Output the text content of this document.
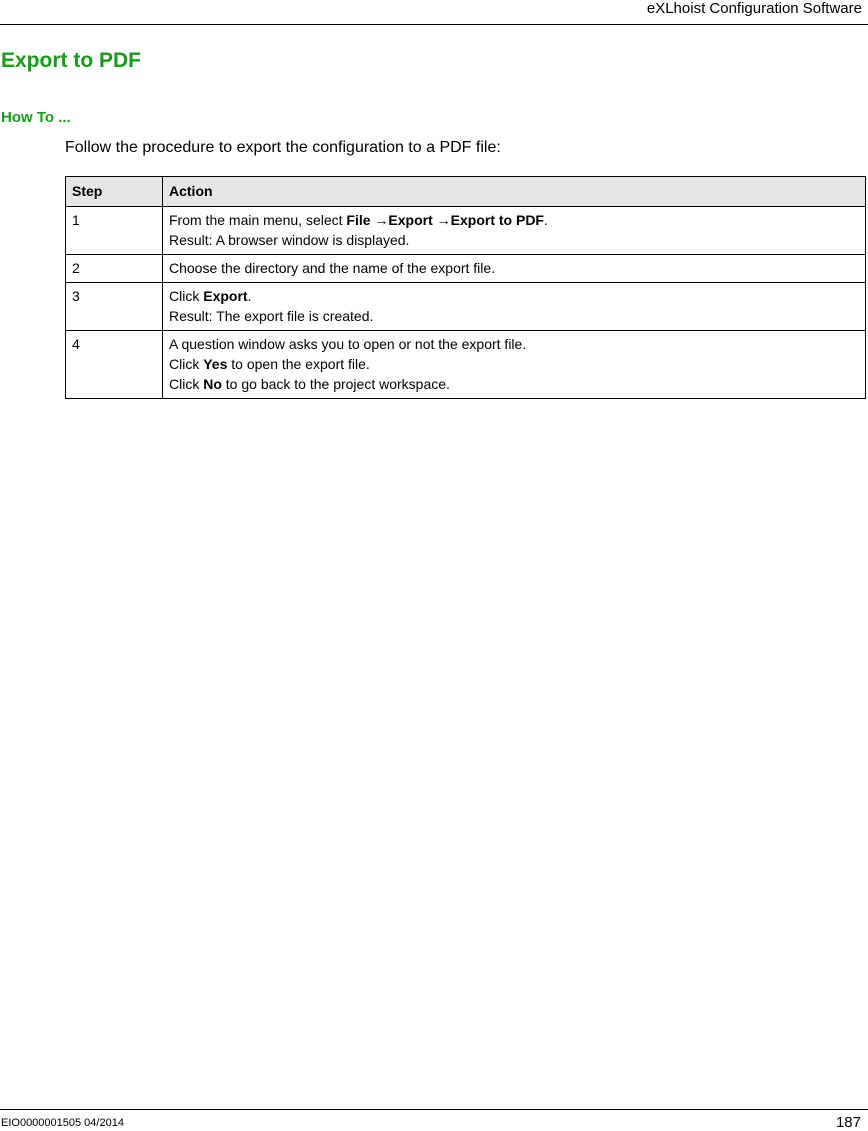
eXLhoist Configuration Software
Export to PDF
How To ...

Follow the procedure to export the configuration to a PDF file:

Step	Action
1	From the main menu, select File →Export →Export to PDF.
Result: A browser window is displayed.

2	Choose the directory and the name of the export file.

3	Click Export.
Result: The export file is created.

4	A question window asks you to open or not the export file.
Click Yes to open the export file.
Click No to go back to the project workspace.
EIO0000001505 04/2014	187
